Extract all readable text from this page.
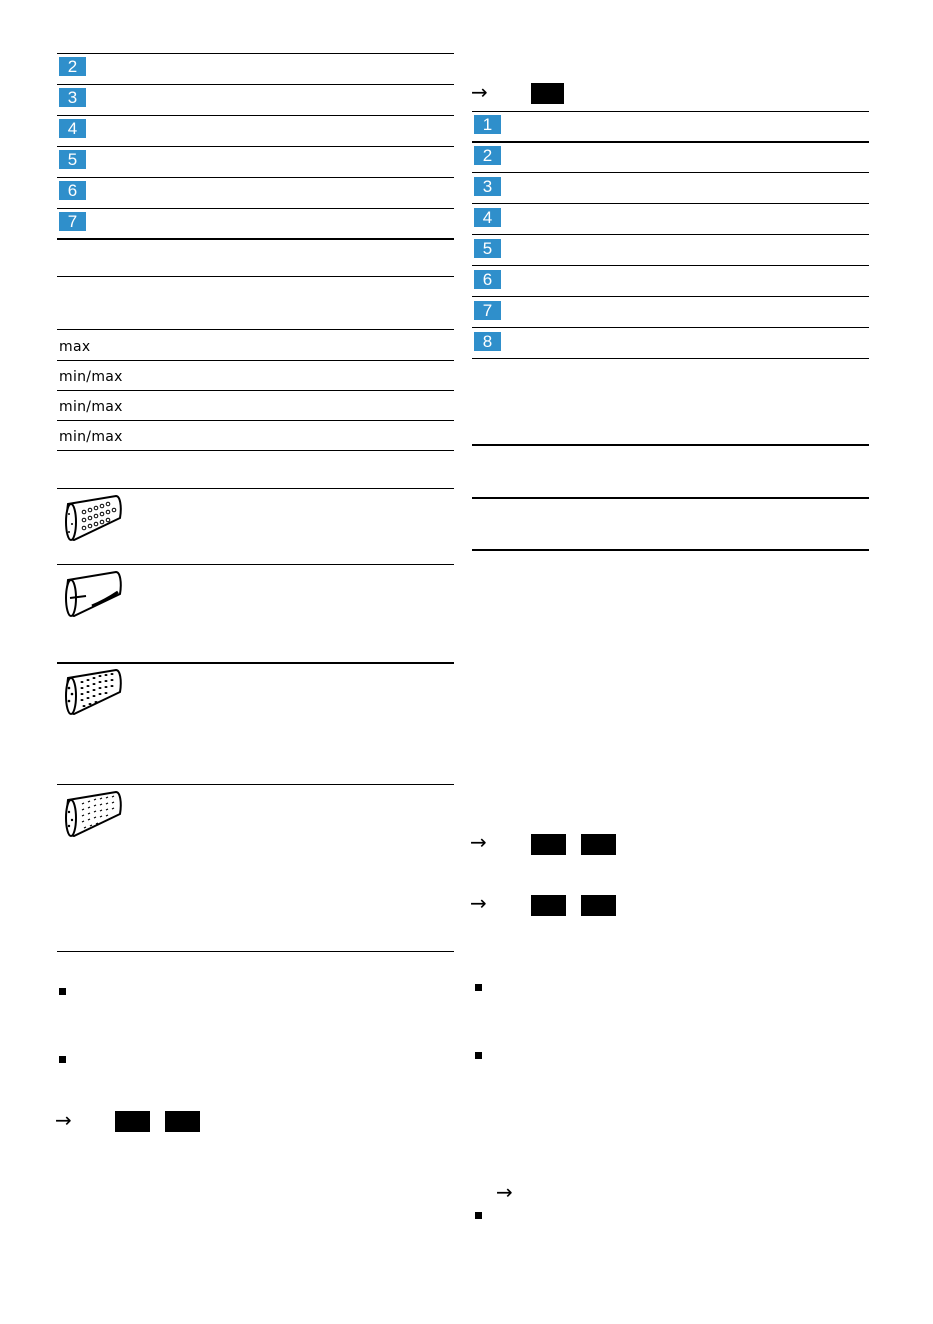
2
3
4
5
6
7
max
min/max
min/max
min/max
→
→
1
2
3
4
5
6
7
8
→
→
→
